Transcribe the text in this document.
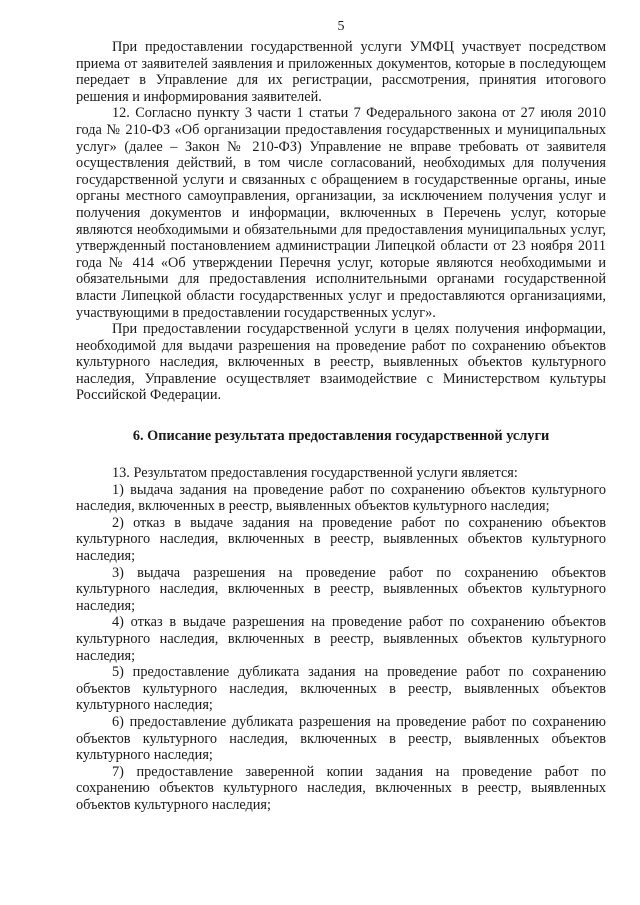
5

При предоставлении государственной услуги УМФЦ участвует посредством приема от заявителей заявления и приложенных документов, которые в последующем передает в Управление для их регистрации, рассмотрения, принятия итогового решения и информирования заявителей.

12. Согласно пункту 3 части 1 статьи 7 Федерального закона от 27 июля 2010 года № 210-ФЗ «Об организации предоставления государственных и муниципальных услуг» (далее – Закон № 210-ФЗ) Управление не вправе требовать от заявителя осуществления действий, в том числе согласований, необходимых для получения государственной услуги и связанных с обращением в государственные органы, иные органы местного самоуправления, организации, за исключением получения услуг и получения документов и информации, включенных в Перечень услуг, которые являются необходимыми и обязательными для предоставления муниципальных услуг, утвержденный постановлением администрации Липецкой области от 23 ноября 2011 года № 414 «Об утверждении Перечня услуг, которые являются необходимыми и обязательными для предоставления исполнительными органами государственной власти Липецкой области государственных услуг и предоставляются организациями, участвующими в предоставлении государственных услуг».

При предоставлении государственной услуги в целях получения информации, необходимой для выдачи разрешения на проведение работ по сохранению объектов культурного наследия, включенных в реестр, выявленных объектов культурного наследия, Управление осуществляет взаимодействие с Министерством культуры Российской Федерации.

6. Описание результата предоставления государственной услуги

13. Результатом предоставления государственной услуги является:

1) выдача задания на проведение работ по сохранению объектов культурного наследия, включенных в реестр, выявленных объектов культурного наследия;

2) отказ в выдаче задания на проведение работ по сохранению объектов культурного наследия, включенных в реестр, выявленных объектов культурного наследия;

3) выдача разрешения на проведение работ по сохранению объектов культурного наследия, включенных в реестр, выявленных объектов культурного наследия;

4) отказ в выдаче разрешения на проведение работ по сохранению объектов культурного наследия, включенных в реестр, выявленных объектов культурного наследия;

5) предоставление дубликата задания на проведение работ по сохранению объектов культурного наследия, включенных в реестр, выявленных объектов культурного наследия;

6) предоставление дубликата разрешения на проведение работ по сохранению объектов культурного наследия, включенных в реестр, выявленных объектов культурного наследия;

7) предоставление заверенной копии задания на проведение работ по сохранению объектов культурного наследия, включенных в реестр, выявленных объектов культурного наследия;
